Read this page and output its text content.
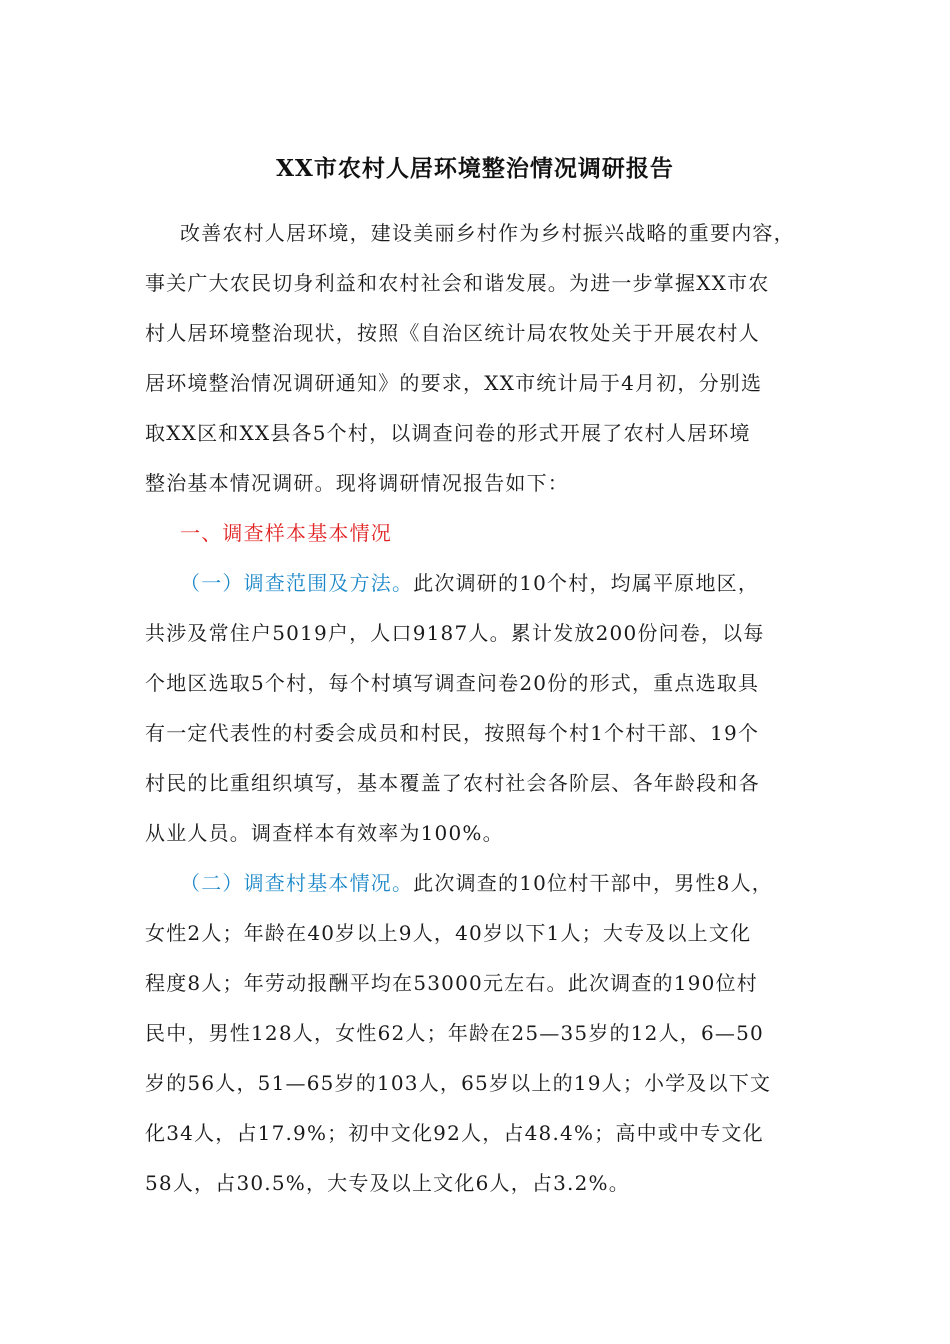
XX市农村人居环境整治情况调研报告
改善农村人居环境，建设美丽乡村作为乡村振兴战略的重要内容，
事关广大农民切身利益和农村社会和谐发展。为进一步掌握XX市农
村人居环境整治现状，按照《自治区统计局农牧处关于开展农村人
居环境整治情况调研通知》的要求，XX市统计局于4月初，分别选
取XX区和XX县各5个村，以调查问卷的形式开展了农村人居环境
整治基本情况调研。现将调研情况报告如下：
一、调查样本基本情况
（一）调查范围及方法。此次调研的10个村，均属平原地区，
共涉及常住户5019户，人口9187人。累计发放200份问卷，以每
个地区选取5个村，每个村填写调查问卷20份的形式，重点选取具
有一定代表性的村委会成员和村民，按照每个村1个村干部、19个
村民的比重组织填写，基本覆盖了农村社会各阶层、各年龄段和各
从业人员。调查样本有效率为100%。
（二）调查村基本情况。此次调查的10位村干部中，男性8人，
女性2人；年龄在40岁以上9人，40岁以下1人；大专及以上文化
程度8人；年劳动报酬平均在53000元左右。此次调查的190位村
民中，男性128人，女性62人；年龄在25—35岁的12人，6—50
岁的56人，51—65岁的103人，65岁以上的19人；小学及以下文
化34人，占17.9%；初中文化92人，占48.4%；高中或中专文化
58人，占30.5%，大专及以上文化6人，占3.2%。
